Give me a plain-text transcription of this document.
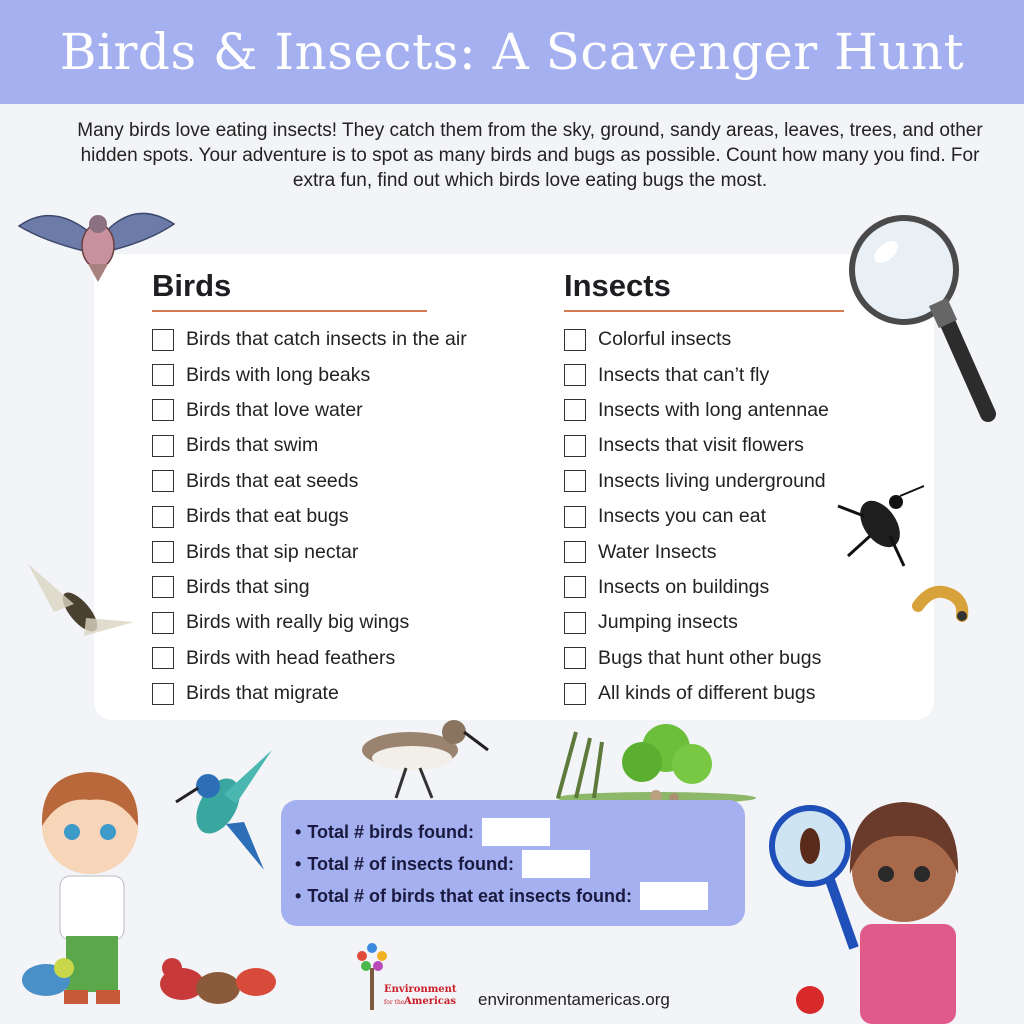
Birds & Insects: A Scavenger Hunt

Many birds love eating insects! They catch them from the sky, ground, sandy areas, leaves, trees, and other hidden spots. Your adventure is to spot as many birds and bugs as possible. Count how many you find. For extra fun, find out which birds love eating bugs the most.

Birds
Birds that catch insects in the air
Birds with long beaks
Birds that love water
Birds that swim
Birds that eat seeds
Birds that eat bugs
Birds that sip nectar
Birds that sing
Birds with really big wings
Birds with head feathers
Birds that migrate
Insects
Colorful insects
Insects that can’t fly
Insects with long antennae
Insects that visit flowers
Insects living underground
Insects you can eat
Water Insects
Insects on buildings
Jumping insects
Bugs that hunt other bugs
All kinds of different bugs
• Total # birds found:
• Total # of insects found:
• Total # of birds that eat insects found:
Environment
for the Americas environmentamericas.org
